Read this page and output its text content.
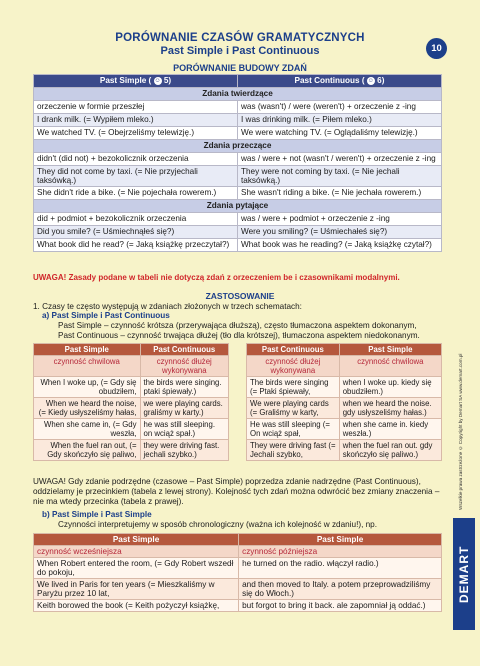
PORÓWNANIE CZASÓW GRAMATYCZNYCH
Past Simple i Past Continuous
PORÓWNANIE BUDOWY ZDAŃ
10
Past Simple ( ☺ 5)	Past Continuous ( ☺ 6)
Zdania twierdzące	
orzeczenie w formie przeszłej	was (wasn't) / were (weren't) + orzeczenie z -ing
I drank milk. (= Wypiłem mleko.)	I was drinking milk. (= Piłem mleko.)
We watched TV. (= Obejrzeliśmy telewizję.)	We were watching TV. (= Oglądaliśmy telewizję.)
Zdania przeczące	
didn't (did not) + bezokolicznik orzeczenia	was / were + not (wasn't / weren't) + orzeczenie z -ing
They did not come by taxi. (= Nie przyjechali taksówką.)	They were not coming by taxi. (= Nie jechali taksówką.)
She didn't ride a bike. (= Nie pojechała rowerem.)	She wasn't riding a bike. (= Nie jechała rowerem.)
Zdania pytające	
did + podmiot + bezokolicznik orzeczenia	was / were + podmiot + orzeczenie z -ing
Did you smile? (= Uśmiechnąłeś się?)	Were you smiling? (= Uśmiechałeś się?)
What book did he read? (= Jaką książkę przeczytał?)	What book was he reading? (= Jaką książkę czytał?)
UWAGA! Zasady podane w tabeli nie dotyczą zdań z orzeczeniem be i czasownikami modalnymi.
ZASTOSOWANIE
1. Czasy te często występują w zdaniach złożonych w trzech schematach:
a) Past Simple i Past Continuous
Past Simple – czynność krótsza (przerywająca dłuższą), często tłumaczona aspektem dokonanym,
Past Continuous – czynność trwająca dłużej (tło dla krótszej), tłumaczona aspektem niedokonanym.
Past Simple	Past Continuous
czynność chwilowa	czynność dłużej wykonywana
When I woke up, (= Gdy się obudziłem,	the birds were singing. ptaki śpiewały.)
When we heard the noise, (= Kiedy usłyszeliśmy hałas,	we were playing cards. graliśmy w karty.)
When she came in, (= Gdy weszła,	he was still sleeping. on wciąż spał.)
When the fuel ran out, (= Gdy skończyło się paliwo,	they were driving fast. jechali szybko.)
Past Continuous	Past Simple
czynność dłużej wykonywana	czynność chwilowa
The birds were singing (= Ptaki śpiewały,	when I woke up. kiedy się obudziłem.)
We were playing cards (= Graliśmy w karty,	when we heard the noise. gdy usłyszeliśmy hałas.)
He was still sleeping (= On wciąż spał,	when she came in. kiedy weszła.)
They were driving fast (= Jechali szybko,	when the fuel ran out. gdy skończyło się paliwo.)
UWAGA! Gdy zdanie podrzędne (czasowe – Past Simple) poprzedza zdanie nadrzędne (Past Continuous), oddzielamy je przecinkiem (tabela z lewej strony). Kolejność tych zdań można odwrócić bez zmiany znaczenia – nie ma wtedy przecinka (tabela z prawej).
b) Past Simple i Past Simple
Czynności interpretujemy w sposób chronologiczny (ważna ich kolejność w zdaniu!), np.
Past Simple	Past Simple
czynność wcześniejsza	czynność późniejsza
When Robert entered the room, (= Gdy Robert wszedł do pokoju,	he turned on the radio. włączył radio.)
We lived in Paris for ten years (= Mieszkaliśmy w Paryżu przez 10 lat,	and then moved to Italy. a potem przeprowadziliśmy się do Włoch.)
Keith borowed the book (= Keith pożyczył książkę,	but forgot to bring it back. ale zapomniał ją oddać.)
Wszelkie prawa zastrzeżone © Copyright by Demart SA www.demart.com.pl
DEMART
